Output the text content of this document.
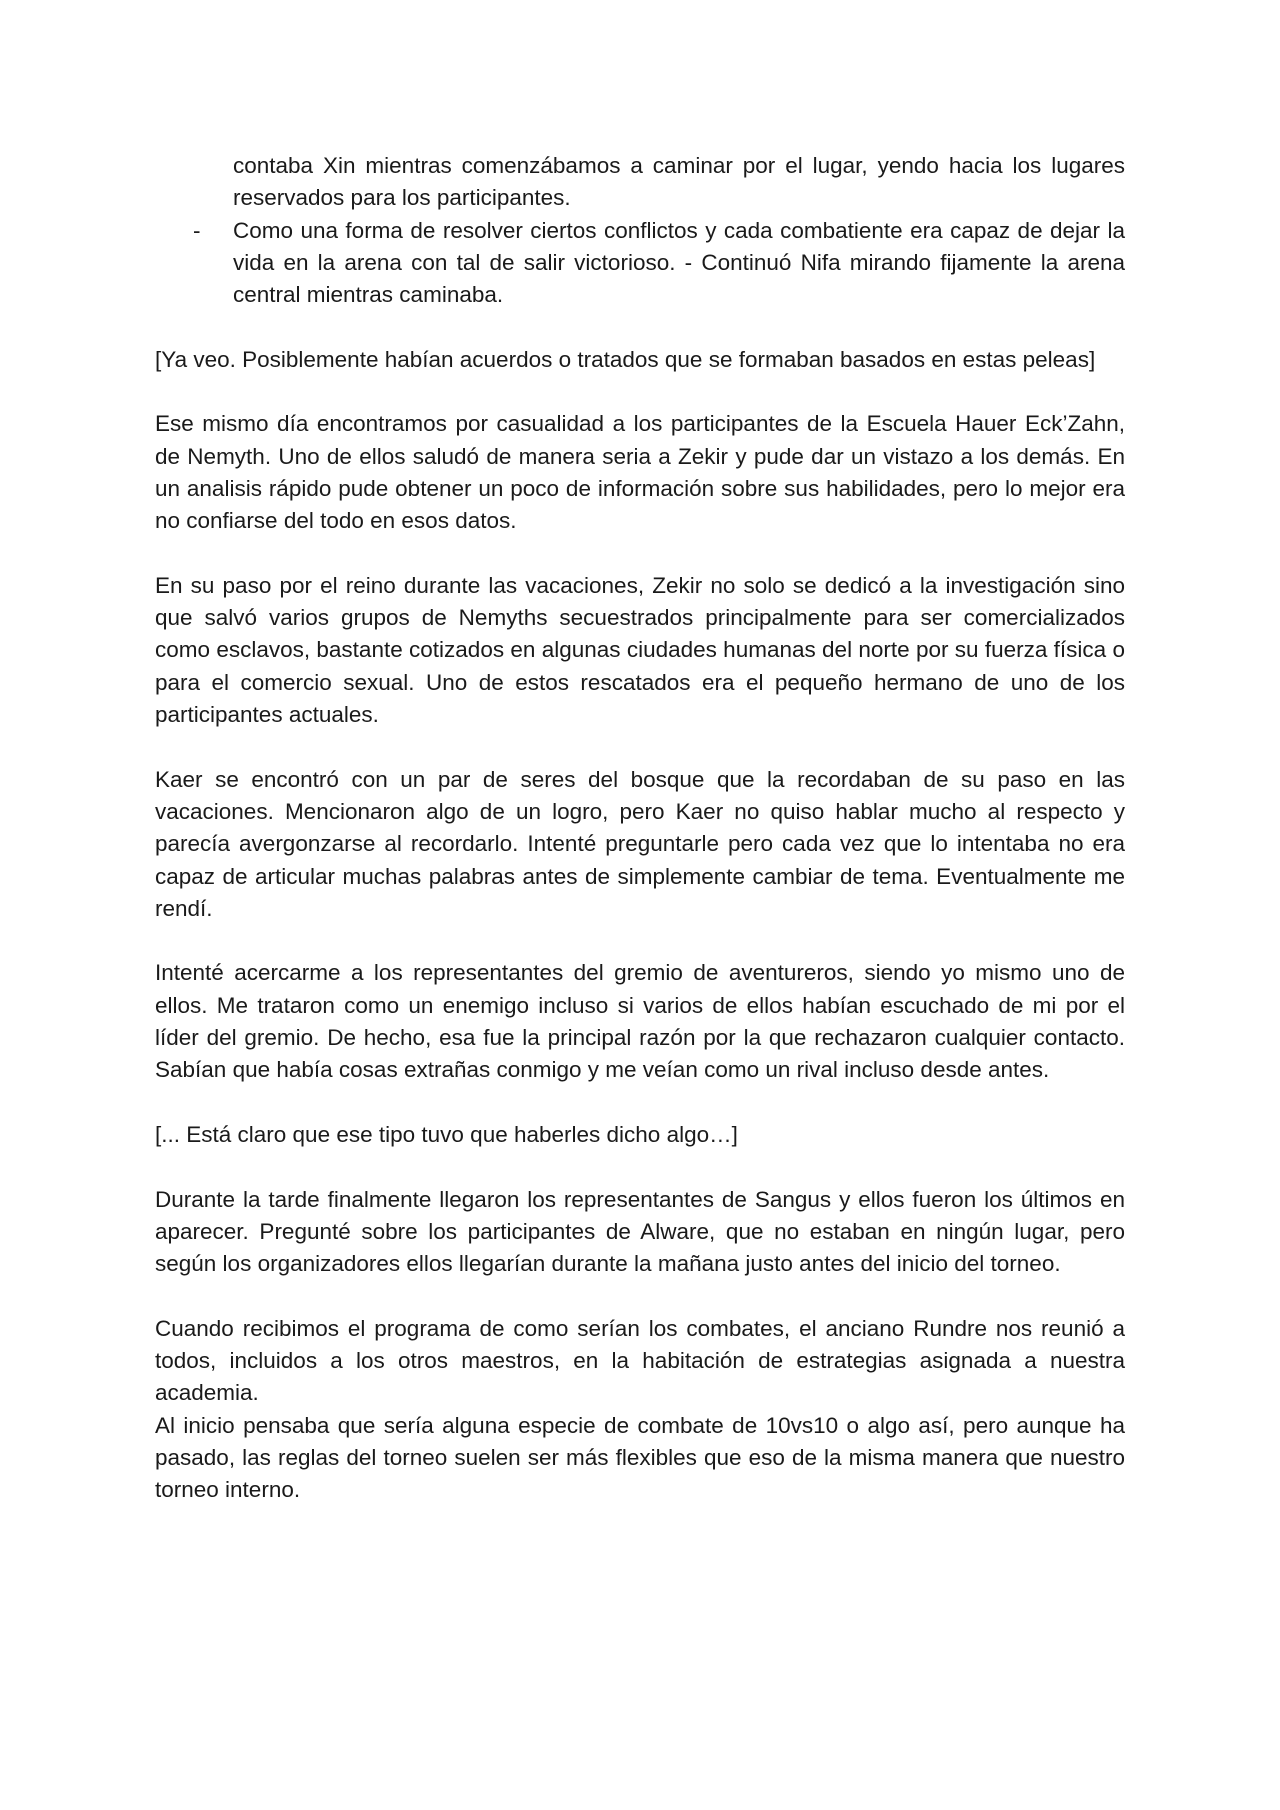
contaba Xin mientras comenzábamos a caminar por el lugar, yendo hacia los lugares reservados para los participantes.

- Como una forma de resolver ciertos conflictos y cada combatiente era capaz de dejar la vida en la arena con tal de salir victorioso. - Continuó Nifa mirando fijamente la arena central mientras caminaba.

[Ya veo. Posiblemente habían acuerdos o tratados que se formaban basados en estas peleas]

Ese mismo día encontramos por casualidad a los participantes de la Escuela Hauer Eck’Zahn, de Nemyth. Uno de ellos saludó de manera seria a Zekir y pude dar un vistazo a los demás. En un analisis rápido pude obtener un poco de información sobre sus habilidades, pero lo mejor era no confiarse del todo en esos datos.

En su paso por el reino durante las vacaciones, Zekir no solo se dedicó a la investigación sino que salvó varios grupos de Nemyths secuestrados principalmente para ser comercializados como esclavos, bastante cotizados en algunas ciudades humanas del norte por su fuerza física o para el comercio sexual. Uno de estos rescatados era el pequeño hermano de uno de los participantes actuales.

Kaer se encontró con un par de seres del bosque que la recordaban de su paso en las vacaciones. Mencionaron algo de un logro, pero Kaer no quiso hablar mucho al respecto y parecía avergonzarse al recordarlo. Intenté preguntarle pero cada vez que lo intentaba no era capaz de articular muchas palabras antes de simplemente cambiar de tema. Eventualmente me rendí.

Intenté acercarme a los representantes del gremio de aventureros, siendo yo mismo uno de ellos. Me trataron como un enemigo incluso si varios de ellos habían escuchado de mi por el líder del gremio. De hecho, esa fue la principal razón por la que rechazaron cualquier contacto. Sabían que había cosas extrañas conmigo y me veían como un rival incluso desde antes.

[... Está claro que ese tipo tuvo que haberles dicho algo…]

Durante la tarde finalmente llegaron los representantes de Sangus y ellos fueron los últimos en aparecer. Pregunté sobre los participantes de Alware, que no estaban en ningún lugar, pero según los organizadores ellos llegarían durante la mañana justo antes del inicio del torneo.

Cuando recibimos el programa de como serían los combates, el anciano Rundre nos reunió a todos, incluidos a los otros maestros, en la habitación de estrategias asignada a nuestra academia.

Al inicio pensaba que sería alguna especie de combate de 10vs10 o algo así, pero aunque ha pasado, las reglas del torneo suelen ser más flexibles que eso de la misma manera que nuestro torneo interno.
